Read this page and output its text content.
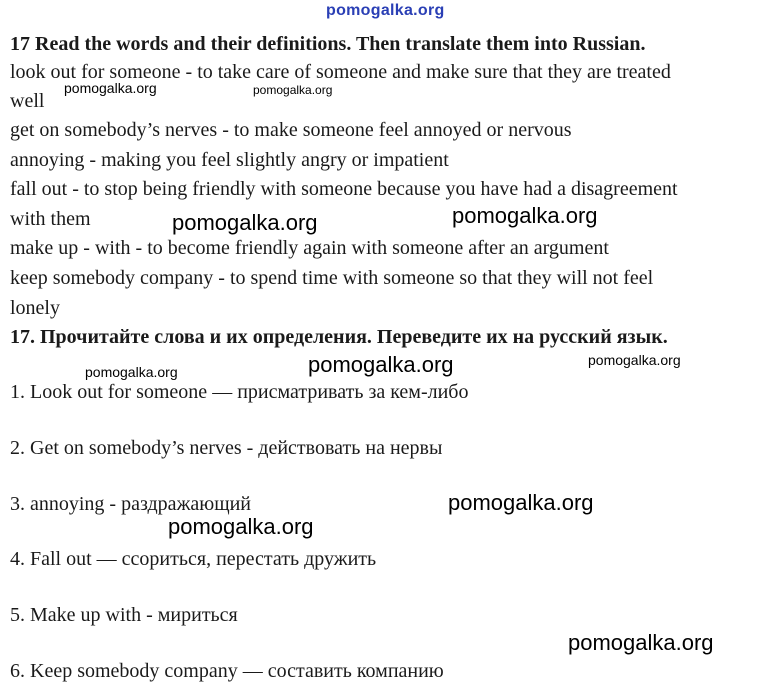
pomogalka.org
17 Read the words and their definitions. Then translate them into Russian.
look out for someone - to take care of someone and make sure that they are treated
well
pomogalka.org	pomogalka.org
get on somebody’s nerves - to make someone feel annoyed or nervous
annoying - making you feel slightly angry or impatient
fall out - to stop being friendly with someone because you have had a disagreement
with them	pomogalka.org	pomogalka.org
make up - with - to become friendly again with someone after an argument
keep somebody company - to spend time with someone so that they will not feel
lonely
17. Прочитайте слова и их определения. Переведите их на русский язык.
pomogalka.org	pomogalka.org
pomogalka.org
1. Look out for someone — присматривать за кем-либо
2. Get on somebody’s nerves - действовать на нервы
3. annoying - раздражающий	pomogalka.org
pomogalka.org
4. Fall out — ссориться, перестать дружить
5. Make up with - мириться
pomogalka.org
6. Keep somebody company — составить компанию
